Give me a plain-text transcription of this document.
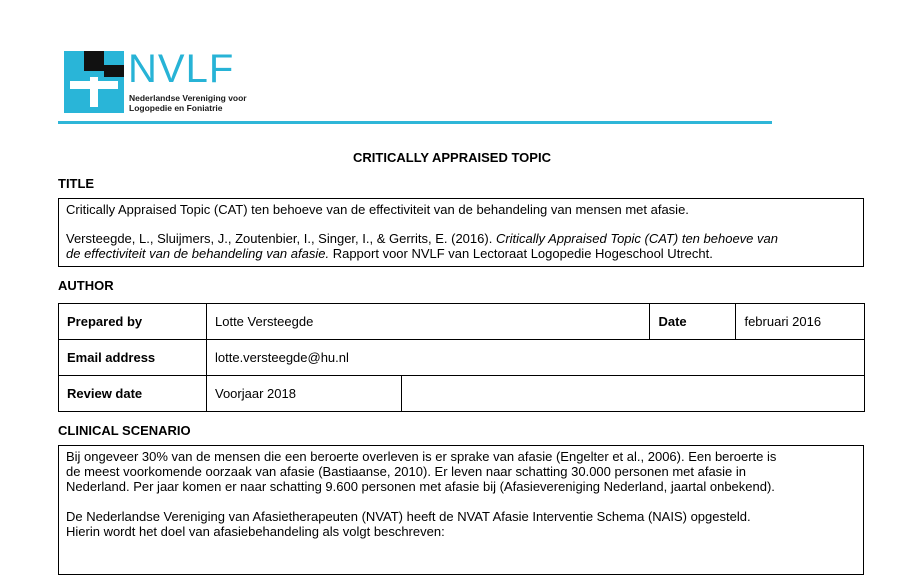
NVLF
Nederlandse Vereniging voor
Logopedie en Foniatrie
CRITICALLY APPRAISED TOPIC
TITLE

Critically Appraised Topic (CAT) ten behoeve van de effectiviteit van de behandeling van mensen met afasie.

Versteegde, L., Sluijmers, J., Zoutenbier, I., Singer, I., & Gerrits, E. (2016). Critically Appraised Topic (CAT) ten behoeve van
de effectiviteit van de behandeling van afasie. Rapport voor NVLF van Lectoraat Logopedie Hogeschool Utrecht.

AUTHOR
Prepared by	Lotte Versteegde		Date	februari 2016
Email address	lotte.versteegde@hu.nl			
Review date	Voorjaar 2018			
CLINICAL SCENARIO

Bij ongeveer 30% van de mensen die een beroerte overleven is er sprake van afasie (Engelter et al., 2006). Een beroerte is
de meest voorkomende oorzaak van afasie (Bastiaanse, 2010). Er leven naar schatting 30.000 personen met afasie in
Nederland. Per jaar komen er naar schatting 9.600 personen met afasie bij (Afasievereniging Nederland, jaartal onbekend).

De Nederlandse Vereniging van Afasietherapeuten (NVAT) heeft de NVAT Afasie Interventie Schema (NAIS) opgesteld.
Hierin wordt het doel van afasiebehandeling als volgt beschreven:
